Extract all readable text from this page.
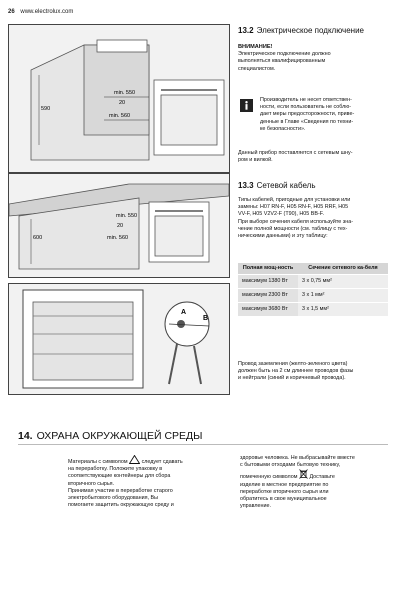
26 www.electrolux.com
min. 550
20
590
min. 560
min. 550
20
600	min. 560
A
B
13.2 Электрическое подключение
ВНИМАНИЕ!
Электрическое подключение должно
выполняться квалифицированным
специалистом.
Производитель не несет ответствен-
ности, если пользователь не соблю-
дает меры предосторожности, приве-
денные в Главе «Сведения по техни-
ке безопасности».
Данный прибор поставляется с сетевым шну-
ром и вилкой.
13.3 Сетевой кабель
Типы кабелей, пригодные для установки или
замены: H07 RN-F, H05 RN-F, H05 RRF, H05
VV-F, H05 V2V2-F (T90), H05 BB-F.
При выборе сечения кабеля используйте зна-
чение полной мощности (см. таблицу с тех-
ническими данными) и эту таблицу:
Полная мощ-ность	Сечение сетевого ка-беля
максимум 1380 Вт	3 x 0,75 мм²
максимум 2300 Вт	3 x 1 мм²
максимум 3680 Вт	3 x 1,5 мм²
Провод заземления (желто-зеленого цвета)
должен быть на 2 см длиннее проводов фазы
и нейтрали (синий и коричневый провода).
14. ОХРАНА ОКРУЖАЮЩЕЙ СРЕДЫ
Материалы с символом	следует сдавать
на переработку. Положите упаковку в
соответствующие контейнеры для сбора
вторичного сырья.
Принимая участие в переработке старого
электробытового оборудования, Вы
помогаете защитить окружающую среду и
здоровье человека. Не выбрасывайте вместе
с бытовыми отходами бытовую технику,
помеченную символом Доставьте
изделие в местное предприятие по
переработке вторичного сырья или
обратитесь в свое муниципальное
управление.
